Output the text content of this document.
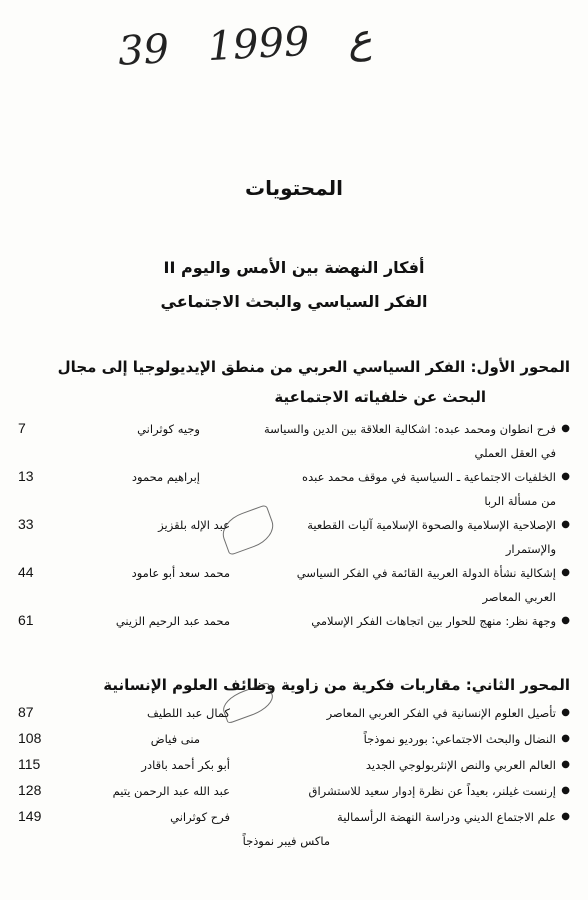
39 ع 1999
المحتويات
أفكار النهضة بين الأمس واليوم II
الفكر السياسي والبحث الاجتماعي
المحور الأول: الفكر السياسي العربي من منطق الإيديولوجيا إلى مجال
البحث عن خلفياته الاجتماعية
●
فرح انطوان ومحمد عبده: اشكالية العلاقة بين الدين والسياسة
وجيه كوثراني
7
في العقل العملي
●
الخلفيات الاجتماعية ـ السياسية في موقف محمد عبده
إبراهيم محمود
13
من مسألة الربا
●
الإصلاحية الإسلامية والصحوة الإسلامية آليات القطعية
عبد الإله بلقزيز
33
والإستمرار
●
إشكالية نشأة الدولة العربية القائمة في الفكر السياسي
محمد سعد أبو عامود
44
العربي المعاصر
●
وجهة نظر: منهج للحوار بين اتجاهات الفكر الإسلامي
محمد عبد الرحيم الزيني
61
المحور الثاني: مقاربات فكرية من زاوية وظائف العلوم الإنسانية
●
تأصيل العلوم الإنسانية في الفكر العربي المعاصر
كمال عبد اللطيف
87
●
النضال والبحث الاجتماعي: بورديو نموذجاً
منى فياض
108
●
العالم العربي والنص الإنثربولوجي الجديد
أبو بكر أحمد باقادر
115
●
إرنست غيلنر، بعيداً عن نظرة إدوار سعيد للاستشراق
عبد الله عبد الرحمن يتيم
128
●
علم الاجتماع الديني ودراسة النهضة الرأسمالية
فرح كوثراني
149
ماكس فيبر نموذجاً
